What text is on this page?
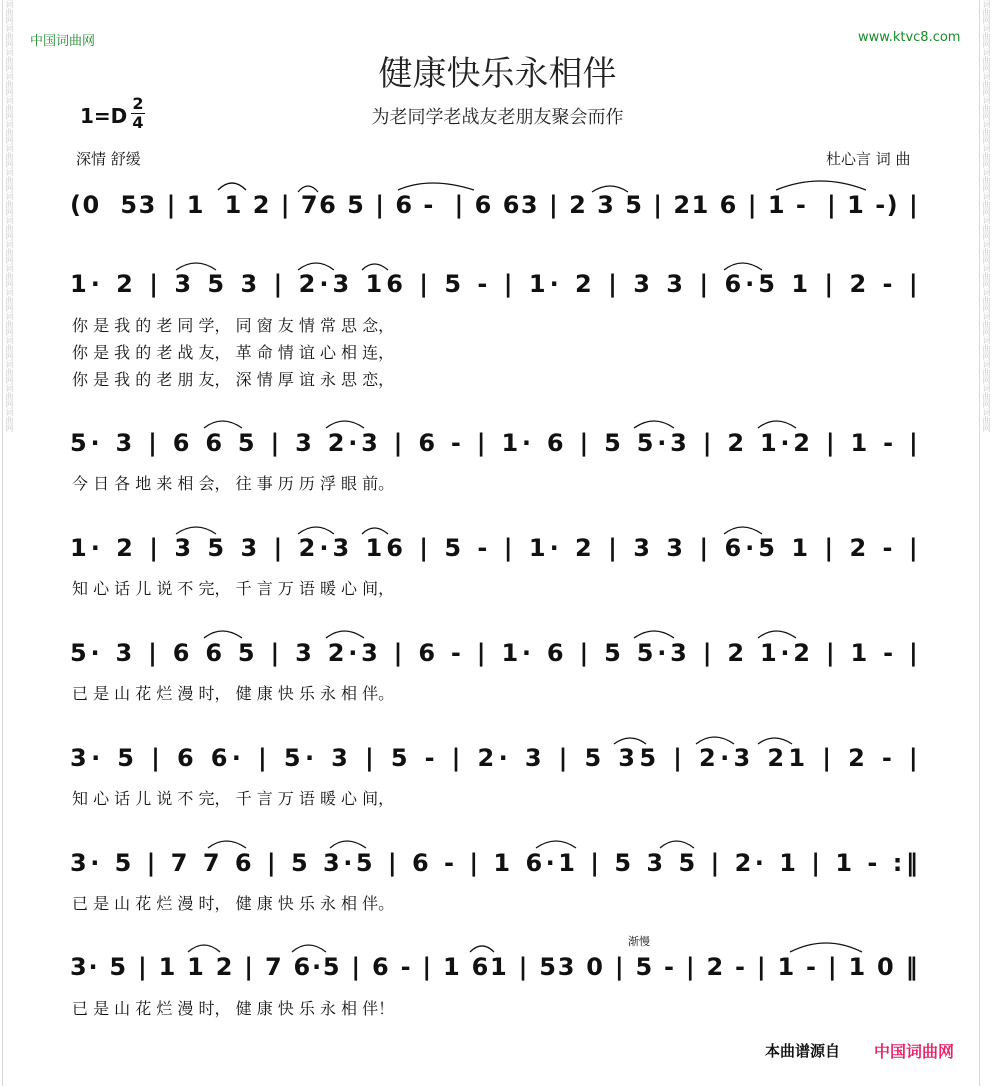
词曲网词曲网词曲网词曲网词曲网词曲网词曲网词曲网词曲网词曲网词曲网词曲网词曲网词曲网词曲网词曲网词曲网词曲网	词曲网词曲网词曲网词曲网词曲网词曲网词曲网词曲网词曲网词曲网词曲网词曲网词曲网词曲网词曲网词曲网词曲网词曲网
中国词曲网	www.ktvc8.com
健康快乐永相伴
为老同学老战友老朋友聚会而作
1=D
2
4
深情 舒缓	杜心言 词 曲
(0  53 | 1  1 2 | 76 5 | 6 -  | 6 63 | 2 3 5 | 21 6 | 1 -  | 1 -) |
1· 2 | 3 5 3 | 2·3 16 | 5 - | 1· 2 | 3 3 | 6·5 1 | 2 - |
你 是 我 的 老 同 学， 同 窗 友 情 常 思 念，
你 是 我 的 老 战 友， 革 命 情 谊 心 相 连，
你 是 我 的 老 朋 友， 深 情 厚 谊 永 思 恋，
5· 3 | 6 6 5 | 3 2·3 | 6 - | 1· 6 | 5 5·3 | 2 1·2 | 1 - |
今 日 各 地 来 相 会， 往 事 历 历 浮 眼 前。
1· 2 | 3 5 3 | 2·3 16 | 5 - | 1· 2 | 3 3 | 6·5 1 | 2 - |
知 心 话 儿 说 不 完， 千 言 万 语 暖 心 间，
5· 3 | 6 6 5 | 3 2·3 | 6 - | 1· 6 | 5 5·3 | 2 1·2 | 1 - |
已 是 山 花 烂 漫 时， 健 康 快 乐 永 相 伴。
3· 5 | 6 6· | 5· 3 | 5 - | 2· 3 | 5 35 | 2·3 21 | 2 - |
知 心 话 儿 说 不 完， 千 言 万 语 暖 心 间，
3· 5 | 7 7 6 | 5 3·5 | 6 - | 1 6·1 | 5 3 5 | 2· 1 | 1 - :‖
已 是 山 花 烂 漫 时， 健 康 快 乐 永 相 伴。
渐慢
3· 5 | 1 1 2 | 7 6·5 | 6 - | 1 61 | 53 0 | 5 - | 2 - | 1 - | 1 0 ‖
已 是 山 花 烂 漫 时， 健 康 快 乐 永 相 伴！
本曲谱源自 中国词曲网
